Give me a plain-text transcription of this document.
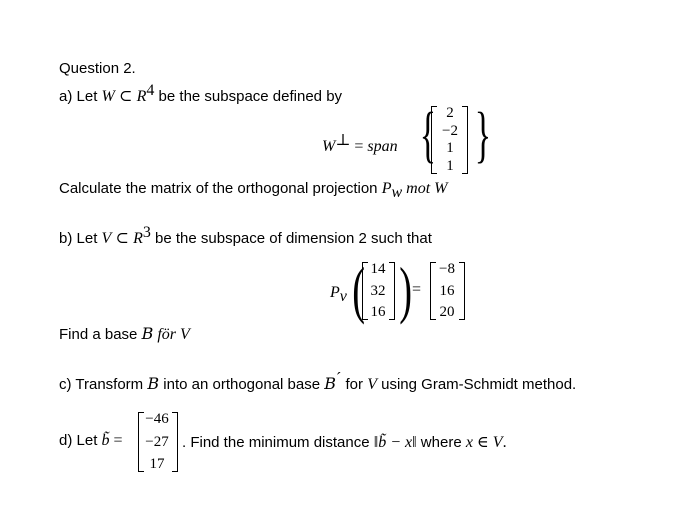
Question 2.
a) Let W ⊂ $R^4$ be the subspace defined by
W⊥ = span { 2
−2
1
1 }
Calculate the matrix of the orthogonal projection $P_w$ mot W
b) Let V ⊂ $R^3$ be the subspace of dimension 2 such that
$P_v$ ( 14
32
16 ) =
−8
16
20
Find a base B för V
c) Transform B into an orthogonal base B´ for V using Gram-Schmidt method.
d) Let b̃ =
−46
−27
17
. Find the minimum distance ‖b̃ − x‖ where x ∈ V.
